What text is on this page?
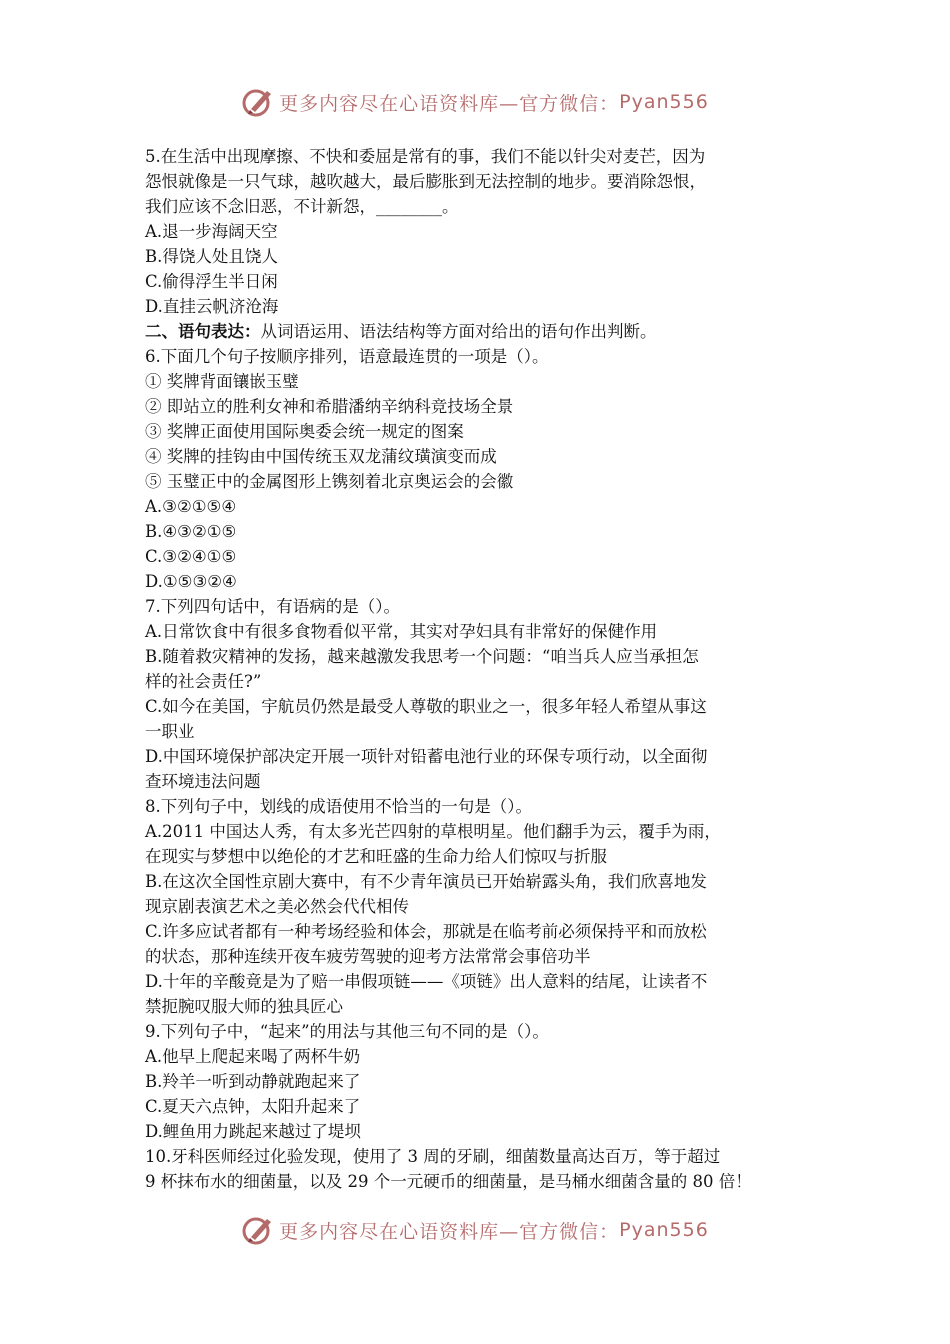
更多内容尽在心语资料库—官方微信： Pyan556
5.在生活中出现摩擦、不快和委屈是常有的事，我们不能以针尖对麦芒，因为
怨恨就像是一只气球，越吹越大，最后膨胀到无法控制的地步。要消除怨恨，
我们应该不念旧恶，不计新怨，________。
A.退一步海阔天空
B.得饶人处且饶人
C.偷得浮生半日闲
D.直挂云帆济沧海
二、语句表达：从词语运用、语法结构等方面对给出的语句作出判断。
6.下面几个句子按顺序排列，语意最连贯的一项是（）。
① 奖牌背面镶嵌玉璧
② 即站立的胜利女神和希腊潘纳辛纳科竞技场全景
③ 奖牌正面使用国际奥委会统一规定的图案
④ 奖牌的挂钩由中国传统玉双龙蒲纹璜演变而成
⑤ 玉璧正中的金属图形上镌刻着北京奥运会的会徽
A.③②①⑤④
B.④③②①⑤
C.③②④①⑤
D.①⑤③②④
7.下列四句话中，有语病的是（）。
A.日常饮食中有很多食物看似平常，其实对孕妇具有非常好的保健作用
B.随着救灾精神的发扬，越来越激发我思考一个问题：“咱当兵人应当承担怎
样的社会责任?”
C.如今在美国，宇航员仍然是最受人尊敬的职业之一，很多年轻人希望从事这
一职业
D.中国环境保护部决定开展一项针对铅蓄电池行业的环保专项行动，以全面彻
查环境违法问题
8.下列句子中，划线的成语使用不恰当的一句是（）。
A.2011 中国达人秀，有太多光芒四射的草根明星。他们翻手为云，覆手为雨，
在现实与梦想中以绝伦的才艺和旺盛的生命力给人们惊叹与折服
B.在这次全国性京剧大赛中，有不少青年演员已开始崭露头角，我们欣喜地发
现京剧表演艺术之美必然会代代相传
C.许多应试者都有一种考场经验和体会，那就是在临考前必须保持平和而放松
的状态，那种连续开夜车疲劳驾驶的迎考方法常常会事倍功半
D.十年的辛酸竟是为了赔一串假项链——《项链》出人意料的结尾，让读者不
禁扼腕叹服大师的独具匠心
9.下列句子中，“起来”的用法与其他三句不同的是（）。
A.他早上爬起来喝了两杯牛奶
B.羚羊一听到动静就跑起来了
C.夏天六点钟，太阳升起来了
D.鲤鱼用力跳起来越过了堤坝
10.牙科医师经过化验发现，使用了 3 周的牙刷，细菌数量高达百万，等于超过
9 杯抹布水的细菌量，以及 29 个一元硬币的细菌量，是马桶水细菌含量的 80 倍！
更多内容尽在心语资料库—官方微信： Pyan556
